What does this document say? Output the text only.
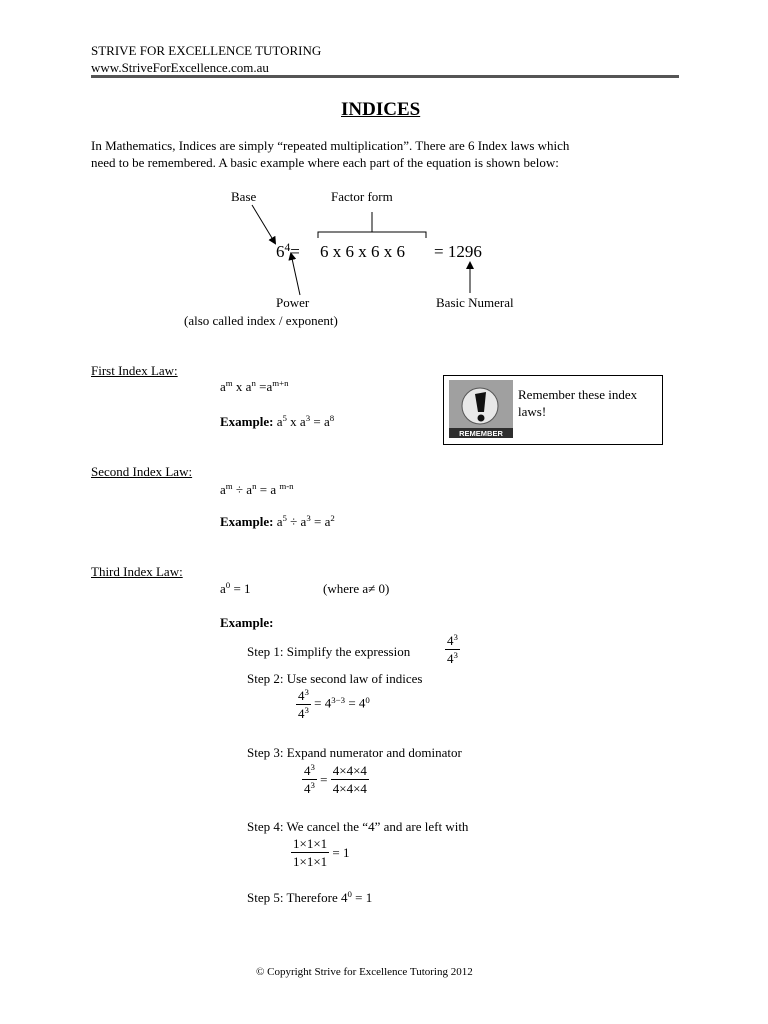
STRIVE FOR EXCELLENCE TUTORING
www.StriveForExcellence.com.au
INDICES
In Mathematics, Indices are simply “repeated multiplication”. There are 6 Index laws which
need to be remembered. A basic example where each part of the equation is shown below:
Base	Factor form
$6^4= 6$ x 6 x 6 x 6 = 1296
Power
(also called index / exponent)
Basic Numeral
REMEMBER
Remember these index laws!
First Index Law:
$a^m$ x $a^n =a^{m+n}$
Example: $a^5$ x $a^3 = a^8$
Second Index Law:
$a^m \div a^n = a$ $^{m-n}$
Example: $a^5 \div a^3 = a^2$
Third Index Law:
$a^0 = 1$	(where a≠ 0)
Example:
Step 1: Simplify the expression	$\frac{4^3}{4^3}$
Step 2: Use second law of indices
$\frac{4^3}{4^3} = 4^{3-3} = 4^0$
Step 3: Expand numerator and dominator
$\frac{4^3}{4^3} = \frac{4\times 4\times 4}{4\times 4\times 4}$
Step 4: We cancel the “4” and are left with
$\frac{1\times 1\times 1}{1\times 1\times 1} = 1$
Step 5: Therefore $4^0 = 1$
© Copyright Strive for Excellence Tutoring 2012
